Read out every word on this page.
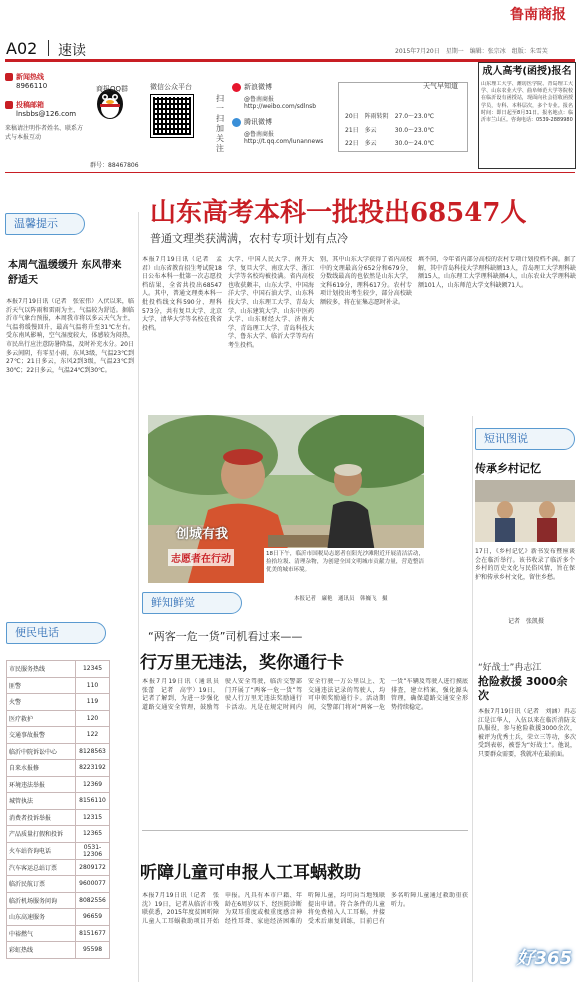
鲁南商报
A02 速读	2015年7月20日　星期一　编辑：张宗冰　组版：朱雪芙
新闻热线
8966110
投稿邮箱
lnsbbs@126.com
来稿请注明作者姓名、联系方式与本报互动
商报QQ群
群号：88467806
微信公众平台
扫一扫加关注
新浪微博
@鲁南商报
http://weibo.com/sdlnsb
腾讯微博
@鲁南商报
http://t.qq.com/lunannews
天气早知道
20日　 阵雨转阴　 27.0～23.0℃
21日　 多云　　　	30.0～23.0℃
22日　 多云　　　	30.0～24.0℃
成人高考(函授)报名
山东理工大学、潍坊医学院、青岛理工大学、山东农业大学、曲阜师范大学等院校在临沂设有函授站，现面向社会招收函授学员，专科、本科层次，多个专业。报名时间：即日起至8月31日。报名地点：临沂市兰山区。咨询电话：0539-2889980
山东高考本科一批投出68547人
普通文理类获满满，农村专项计划有点冷
本报7月19日讯（记者　孟君）山东省教育招生考试院18日公布本科一批第一次志愿投档结果，全省共投出68547人。其中，普通文理类本科一批投档线文科590分、理科573分，共有复旦大学、北京大学、清华大学等名校在我省投档。
大学、中国人民大学、南开大学、复旦大学、南京大学、浙江大学等名校均被投满。省内高校也收获颇丰，山东大学、中国海洋大学、中国石油大学、山东科技大学、山东理工大学、青岛大学、山东建筑大学、山东中医药大学、山东财经大学、济南大学、青岛理工大学、青岛科技大学、鲁东大学、临沂大学等均有考生投档。
别，其中山东大学获得了省内高校中的文理最高分652分和679分，分数线最高的也依然是山东大学，文科619分，理科617分。农村专项计划投出考生较少，部分高校缺额较多，将在征集志愿时补录。
填不同，今年省内部分高校的农村专项计划投档不满。据了解，其中青岛科技大学理科缺额13人，青岛理工大学理科缺额15人，山东理工大学理科缺额4人，山东农业大学理科缺额101人，山东师范大学文科缺额71人。
温馨提示
本周气温缓缓升 东风带来舒适天
本报7月19日讯（记者　张宏伟）入伏以来，临沂天气以阵雨和雷雨为主，气温较为舒适。据临沂市气象台预报，本周我市将以多云天气为主，气温将缓慢回升，最高气温将升至31℃左右。受东南风影响，空气湿度较大，体感较为闷热，市民出行应注意防暑降温，及时补充水分。20日多云间阴，有零星小雨，东风3级，气温23℃到27℃；21日多云，东风2到3级，气温23℃到30℃；22日多云，气温24℃到30℃。
创城有我
志愿者在行动	18日下午，临沂市国税局志愿者在阳光沙滩附近开展清洁活动，捡拾垃圾、清理杂物，为创建全国文明城市贡献力量，营造整洁优美的城市环境。
本报记者　廉艳　通讯员　韩巍飞　摄
短讯图说
传承乡村记忆
17日，《乡村记忆》新书发布暨座谈会在临沂举行。该书收录了临沂多个乡村的历史文化与民俗风情，旨在保护和传承乡村文化，留住乡愁。
记者　张凯摄
鲜知鲜觉
“两客一危一货”司机看过来——
行万里无违法，奖你通行卡
本报7月19日讯（通讯员　张蕾　记者　高宇）19日，记者了解到，为进一步强化道路交通安全管理，鼓励驾驶人安全驾驶，临沂交警部门开展了“两客一危一货”驾驶人行万里无违法奖励通行卡活动。凡是在规定时间内安全行驶一万公里以上、无交通违法记录的驾驶人，均可申领奖励通行卡。活动期间，交警部门将对“两客一危一货”车辆及驾驶人进行摸底排查，建立档案，强化源头管理，确保道路交通安全形势持续稳定。
听障儿童可申报人工耳蜗救助
本报7月19日讯（记者　张沈）19日，记者从临沂市残联获悉，2015年度贫困听障儿童人工耳蜗救助项目开始申报。凡具有本市户籍、年龄在6周岁以下、经医院诊断为双耳重度或极重度感音神经性耳聋、家庭经济困难的听障儿童，均可向当地残联提出申请。符合条件的儿童将免费植入人工耳蜗，并接受术后康复训练，目前已有多名听障儿童通过救助重获听力。
便民电话
市民服务热线	12345
匪警	110
火警	119
医疗救护	120
交通事故报警	122
临沂中院诉讼中心	8128563
自来水报修	8223192
环境违法举报	12369
城管执法	8156110
消费者投诉举报	12315
产品质量打假和投诉	12365
火车站咨询电话	0531-12306
汽车客运总站订票	2809172
临沂民航订票	9600077
临沂机场服务问询	8082556
山东高速服务	96659
中裕燃气	8151677
彩虹热线	95598
“好战士”冉志江
抢险救援 3000余次
本报7月19日讯（记者　刘涵）冉志江是江华人，入伍以来在临沂消防支队服役，参与抢险救援3000余次，被评为优秀士兵，荣立三等功，多次受到表彰，被誉为“好战士”。他说，只要群众需要，我就冲在最前面。
好365
